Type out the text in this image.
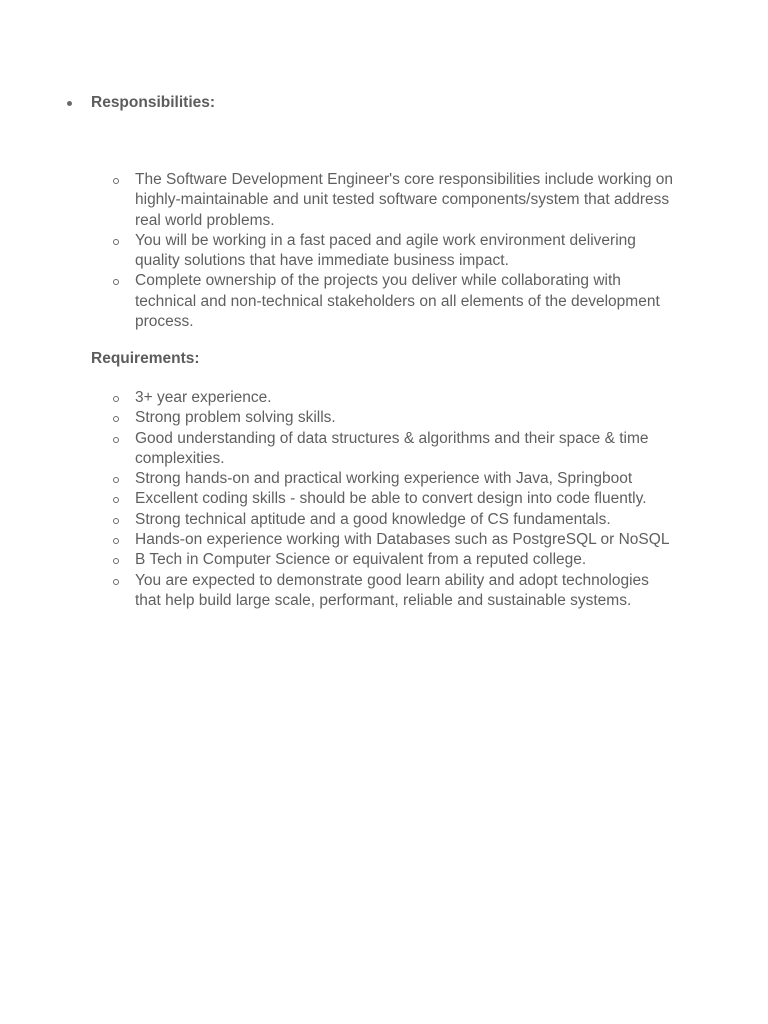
Responsibilities:
The Software Development Engineer's core responsibilities include working on highly-maintainable and unit tested software components/system that address real world problems.
You will be working in a fast paced and agile work environment delivering quality solutions that have immediate business impact.
Complete ownership of the projects you deliver while collaborating with technical and non-technical stakeholders on all elements of the development process.
Requirements:
3+ year experience.
Strong problem solving skills.
Good understanding of data structures & algorithms and their space & time complexities.
Strong hands-on and practical working experience with Java, Springboot
Excellent coding skills - should be able to convert design into code fluently.
Strong technical aptitude and a good knowledge of CS fundamentals.
Hands-on experience working with Databases such as PostgreSQL or NoSQL
B Tech in Computer Science or equivalent from a reputed college.
You are expected to demonstrate good learn ability and adopt technologies that help build large scale, performant, reliable and sustainable systems.
